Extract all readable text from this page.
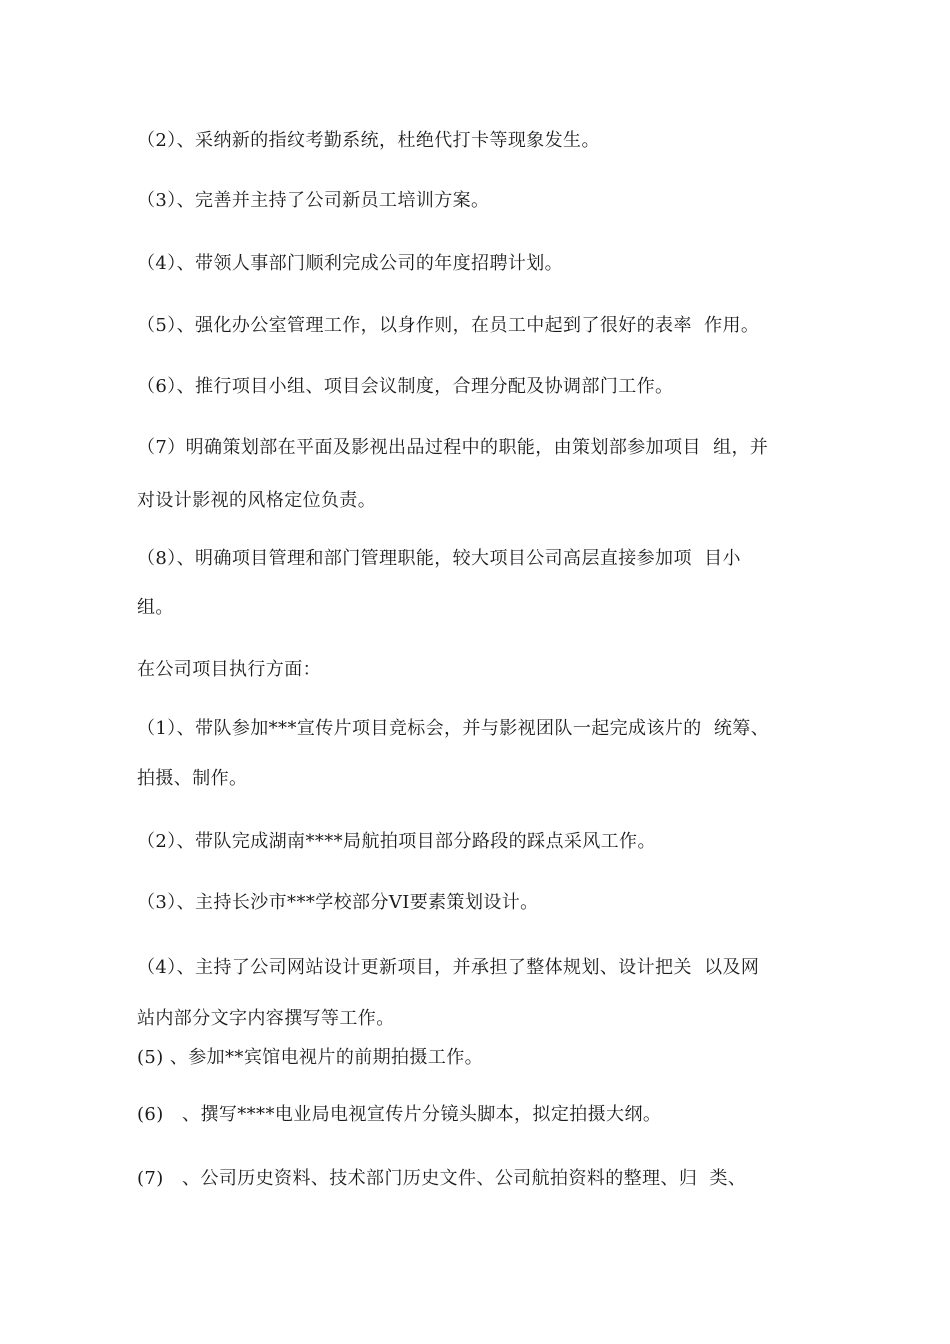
（2）、采纳新的指纹考勤系统，杜绝代打卡等现象发生。
（3）、完善并主持了公司新员工培训方案。
（4）、带领人事部门顺利完成公司的年度招聘计划。
（5）、强化办公室管理工作，以身作则，在员工中起到了很好的表率  作用。
（6）、推行项目小组、项目会议制度，合理分配及协调部门工作。
（7）明确策划部在平面及影视出品过程中的职能，由策划部参加项目  组，并
对设计影视的风格定位负责。
（8）、明确项目管理和部门管理职能，较大项目公司高层直接参加项  目小
组。
在公司项目执行方面：
（1）、带队参加***宣传片项目竞标会，并与影视团队一起完成该片的  统筹、
拍摄、制作。
（2）、带队完成湖南****局航拍项目部分路段的踩点采风工作。
（3）、主持长沙市***学校部分VI要素策划设计。
（4）、主持了公司网站设计更新项目，并承担了整体规划、设计把关  以及网
站内部分文字内容撰写等工作。
(5) 、参加**宾馆电视片的前期拍摄工作。
(6)   、撰写****电业局电视宣传片分镜头脚本，拟定拍摄大纲。
(7)   、公司历史资料、技术部门历史文件、公司航拍资料的整理、归  类、
